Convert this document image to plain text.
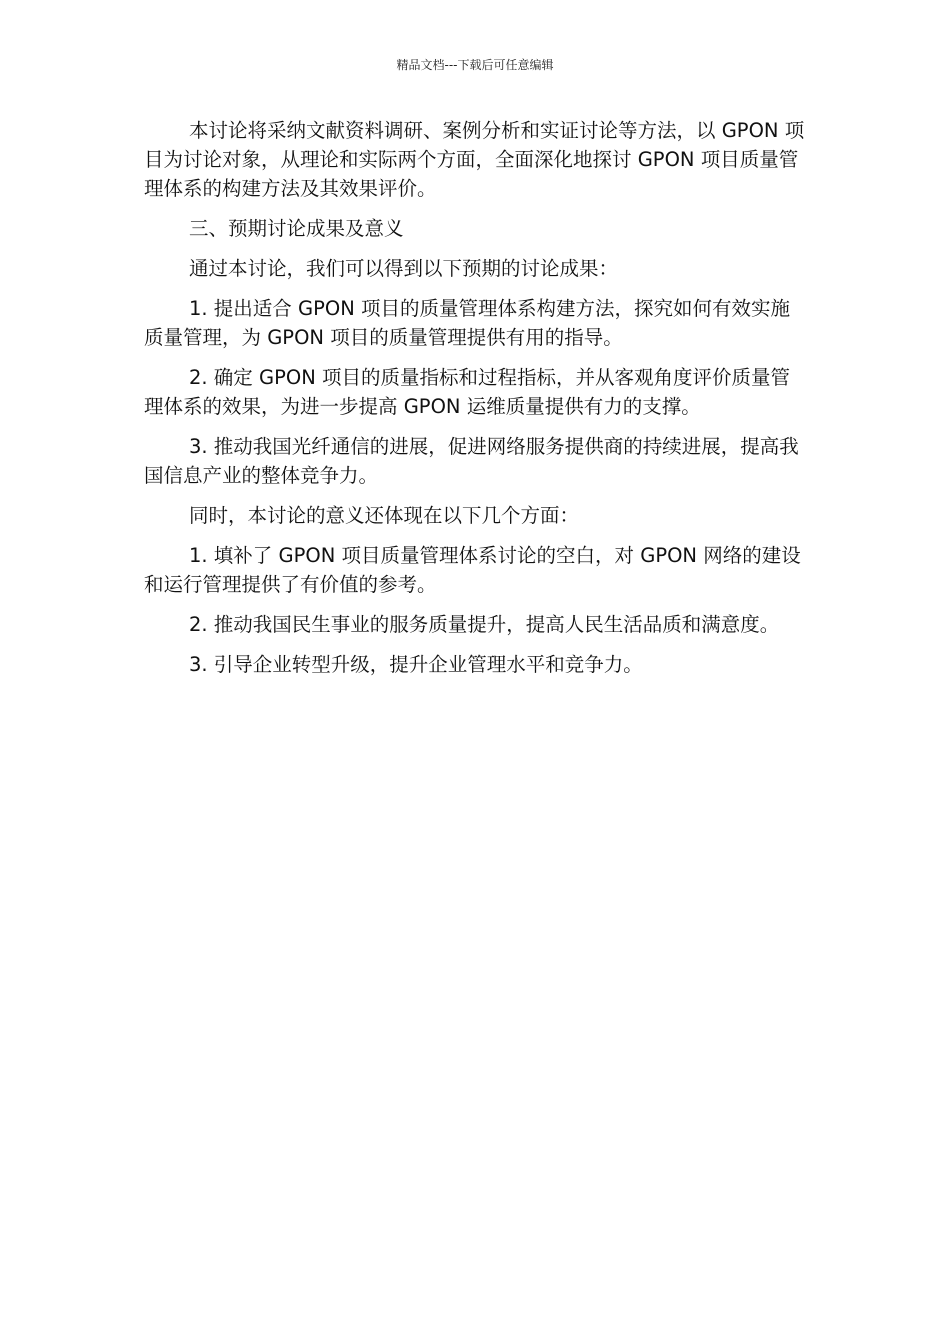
精品文档---下载后可任意编辑

本讨论将采纳文献资料调研、案例分析和实证讨论等方法，以 GPON 项目为讨论对象，从理论和实际两个方面，全面深化地探讨 GPON 项目质量管理体系的构建方法及其效果评价。

三、预期讨论成果及意义

通过本讨论，我们可以得到以下预期的讨论成果：

1. 提出适合 GPON 项目的质量管理体系构建方法，探究如何有效实施质量管理，为 GPON 项目的质量管理提供有用的指导。

2. 确定 GPON 项目的质量指标和过程指标，并从客观角度评价质量管理体系的效果，为进一步提高 GPON 运维质量提供有力的支撑。

3. 推动我国光纤通信的进展，促进网络服务提供商的持续进展，提高我国信息产业的整体竞争力。

同时，本讨论的意义还体现在以下几个方面：

1. 填补了 GPON 项目质量管理体系讨论的空白，对 GPON 网络的建设和运行管理提供了有价值的参考。

2. 推动我国民生事业的服务质量提升，提高人民生活品质和满意度。

3. 引导企业转型升级，提升企业管理水平和竞争力。
